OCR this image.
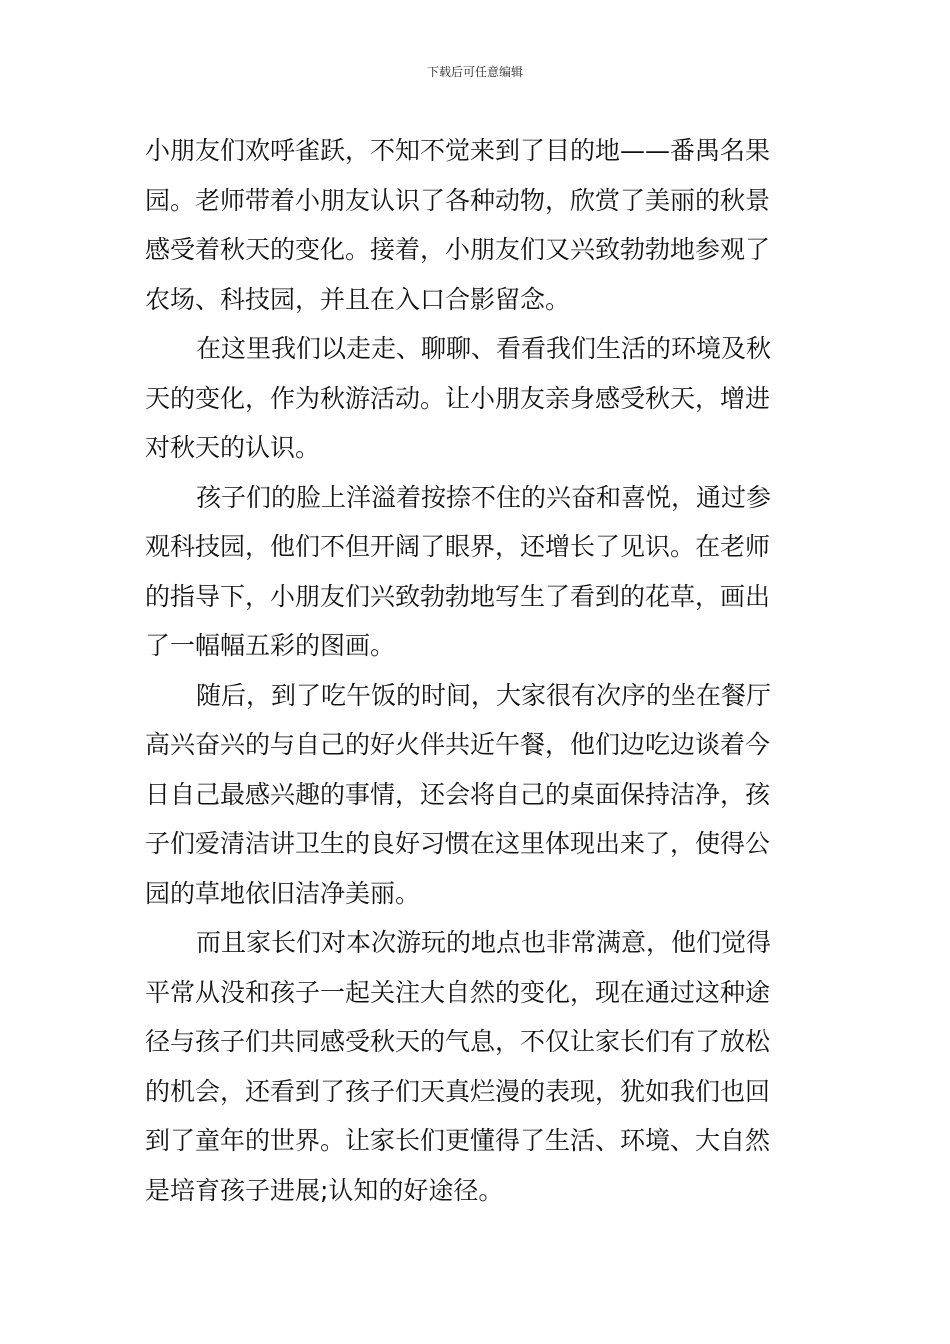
下载后可任意编辑
小朋友们欢呼雀跃，不知不觉来到了目的地——番禺名果
园。老师带着小朋友认识了各种动物，欣赏了美丽的秋景
感受着秋天的变化。接着，小朋友们又兴致勃勃地参观了
农场、科技园，并且在入口合影留念。
在这里我们以走走、聊聊、看看我们生活的环境及秋
天的变化，作为秋游活动。让小朋友亲身感受秋天，增进
对秋天的认识。
孩子们的脸上洋溢着按捺不住的兴奋和喜悦，通过参
观科技园，他们不但开阔了眼界，还增长了见识。在老师
的指导下，小朋友们兴致勃勃地写生了看到的花草，画出
了一幅幅五彩的图画。
随后，到了吃午饭的时间，大家很有次序的坐在餐厅
高兴奋兴的与自己的好火伴共近午餐，他们边吃边谈着今
日自己最感兴趣的事情，还会将自己的桌面保持洁净，孩
子们爱清洁讲卫生的良好习惯在这里体现出来了，使得公
园的草地依旧洁净美丽。
而且家长们对本次游玩的地点也非常满意，他们觉得
平常从没和孩子一起关注大自然的变化，现在通过这种途
径与孩子们共同感受秋天的气息，不仅让家长们有了放松
的机会，还看到了孩子们天真烂漫的表现，犹如我们也回
到了童年的世界。让家长们更懂得了生活、环境、大自然
是培育孩子进展;认知的好途径。
